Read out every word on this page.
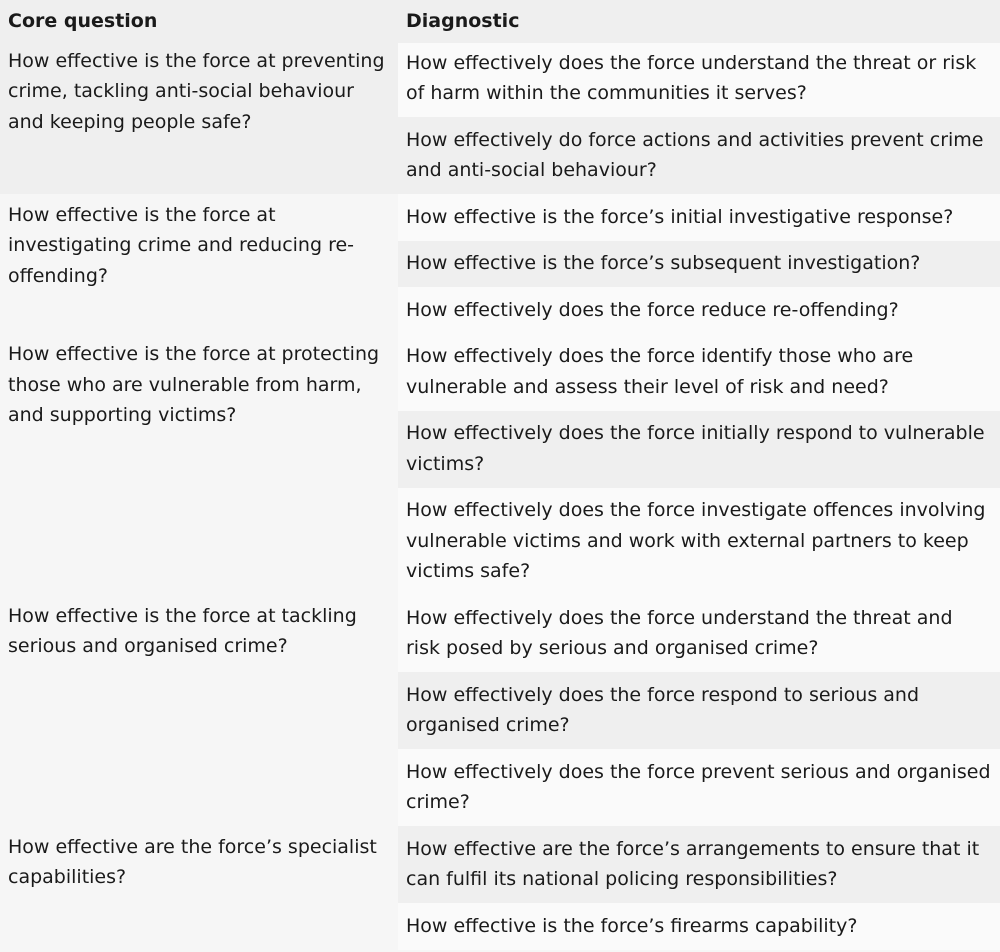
Core question	Diagnostic
How effective is the force at preventing crime, tackling anti-social behaviour and keeping people safe?	How effectively does the force understand the threat or risk of harm within the communities it serves?
	How effectively do force actions and activities prevent crime and anti-social behaviour?
How effective is the force at investigating crime and reducing re-offending?	How effective is the force’s initial investigative response?
	How effective is the force’s subsequent investigation?
	How effectively does the force reduce re-offending?
How effective is the force at protecting those who are vulnerable from harm, and supporting victims?	How effectively does the force identify those who are vulnerable and assess their level of risk and need?
	How effectively does the force initially respond to vulnerable victims?
	How effectively does the force investigate offences involving vulnerable victims and work with external partners to keep victims safe?
How effective is the force at tackling serious and organised crime?	How effectively does the force understand the threat and risk posed by serious and organised crime?
	How effectively does the force respond to serious and organised crime?
	How effectively does the force prevent serious and organised crime?
How effective are the force’s specialist capabilities?	How effective are the force’s arrangements to ensure that it can fulfil its national policing responsibilities?
	How effective is the force’s firearms capability?
